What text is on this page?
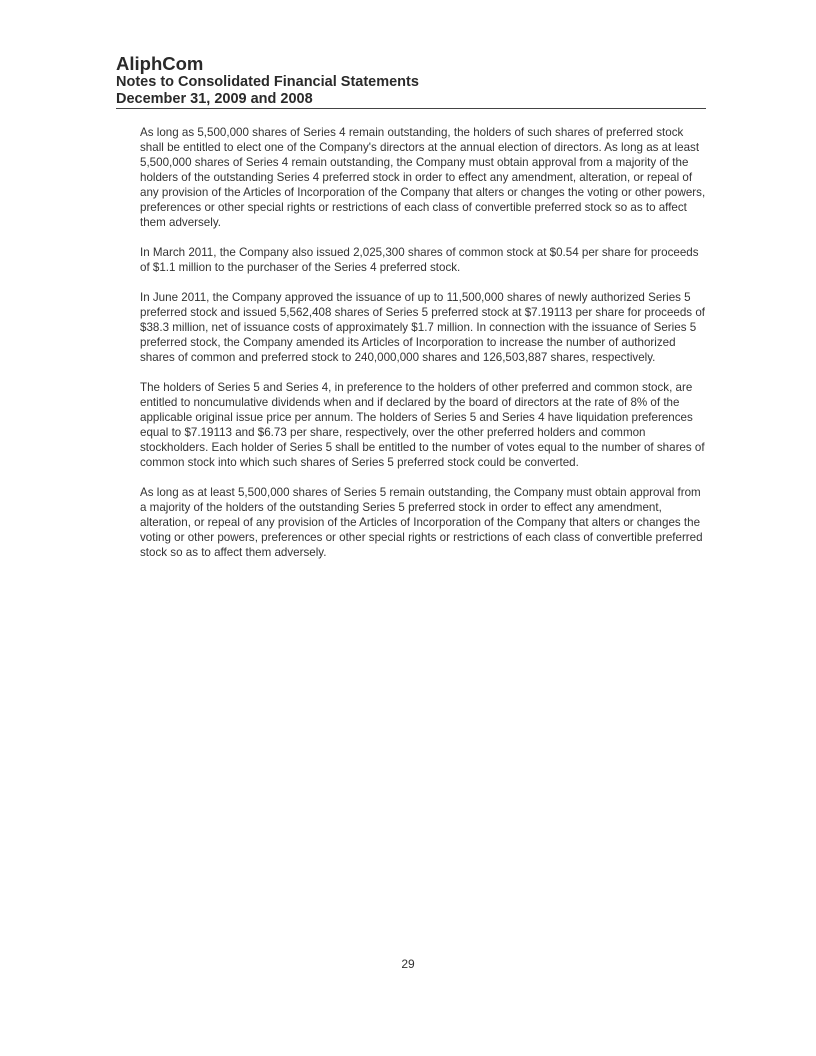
AliphCom
Notes to Consolidated Financial Statements
December 31, 2009 and 2008

As long as 5,500,000 shares of Series 4 remain outstanding, the holders of such shares of preferred stock shall be entitled to elect one of the Company's directors at the annual election of directors. As long as at least 5,500,000 shares of Series 4 remain outstanding, the Company must obtain approval from a majority of the holders of the outstanding Series 4 preferred stock in order to effect any amendment, alteration, or repeal of any provision of the Articles of Incorporation of the Company that alters or changes the voting or other powers, preferences or other special rights or restrictions of each class of convertible preferred stock so as to affect them adversely.

In March 2011, the Company also issued 2,025,300 shares of common stock at $0.54 per share for proceeds of $1.1 million to the purchaser of the Series 4 preferred stock.

In June 2011, the Company approved the issuance of up to 11,500,000 shares of newly authorized Series 5 preferred stock and issued 5,562,408 shares of Series 5 preferred stock at $7.19113 per share for proceeds of $38.3 million, net of issuance costs of approximately $1.7 million. In connection with the issuance of Series 5 preferred stock, the Company amended its Articles of Incorporation to increase the number of authorized shares of common and preferred stock to 240,000,000 shares and 126,503,887 shares, respectively.

The holders of Series 5 and Series 4, in preference to the holders of other preferred and common stock, are entitled to noncumulative dividends when and if declared by the board of directors at the rate of 8% of the applicable original issue price per annum. The holders of Series 5 and Series 4 have liquidation preferences equal to $7.19113 and $6.73 per share, respectively, over the other preferred holders and common stockholders. Each holder of Series 5 shall be entitled to the number of votes equal to the number of shares of common stock into which such shares of Series 5 preferred stock could be converted.

As long as at least 5,500,000 shares of Series 5 remain outstanding, the Company must obtain approval from a majority of the holders of the outstanding Series 5 preferred stock in order to effect any amendment, alteration, or repeal of any provision of the Articles of Incorporation of the Company that alters or changes the voting or other powers, preferences or other special rights or restrictions of each class of convertible preferred stock so as to affect them adversely.

29
